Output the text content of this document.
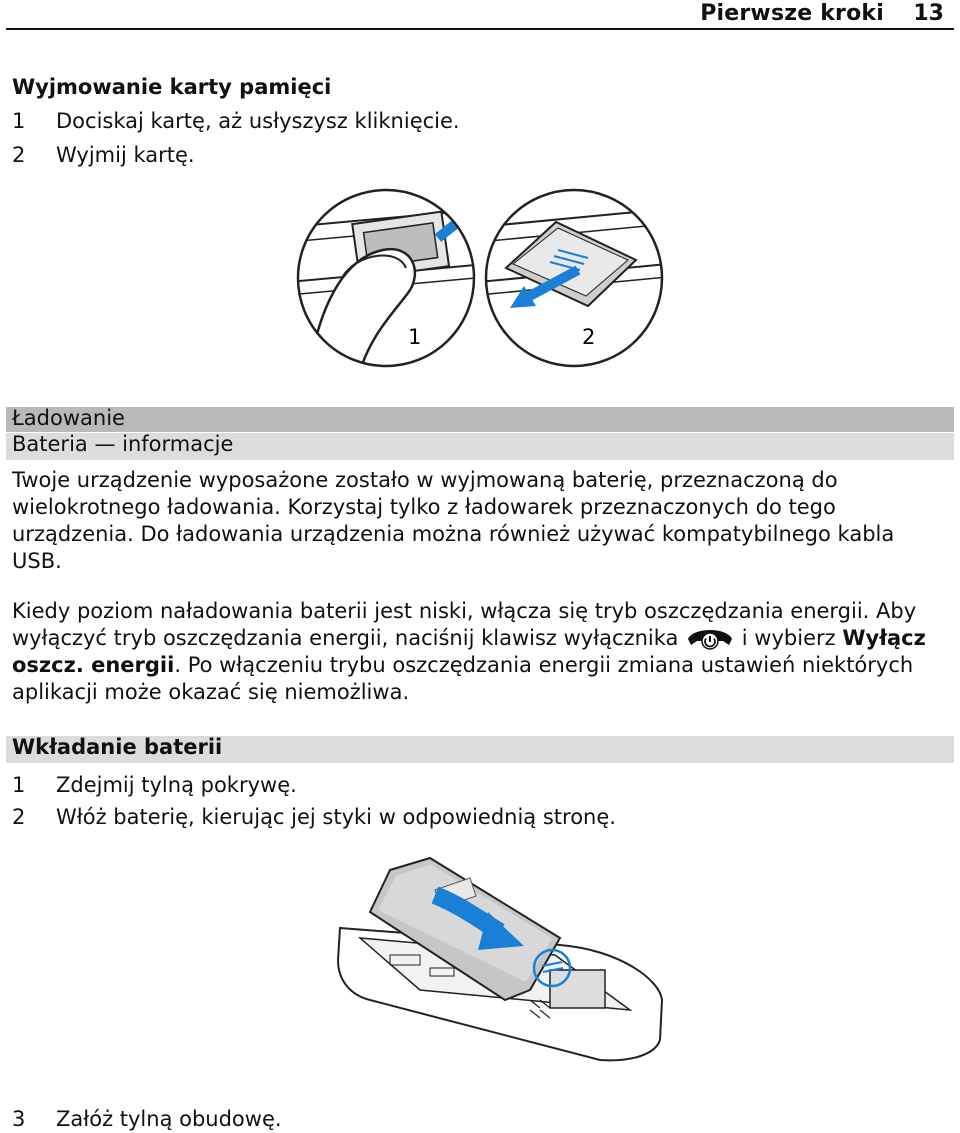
Pierwsze kroki 13
Wyjmowanie karty pamięci
1 Dociskaj kartę, aż usłyszysz kliknięcie.
2 Wyjmij kartę.
1	2
Ładowanie
Bateria — informacje
Twoje urządzenie wyposażone zostało w wyjmowaną baterię, przeznaczoną do
wielokrotnego ładowania. Korzystaj tylko z ładowarek przeznaczonych do tego
urządzenia. Do ładowania urządzenia można również używać kompatybilnego kabla
USB.
Kiedy poziom naładowania baterii jest niski, włącza się tryb oszczędzania energii. Aby
wyłączyć tryb oszczędzania energii, naciśnij klawisz wyłącznika	i wybierz Wyłącz
oszcz. energii. Po włączeniu trybu oszczędzania energii zmiana ustawień niektórych
aplikacji może okazać się niemożliwa.
Wkładanie baterii
1 Zdejmij tylną pokrywę.
2 Włóż baterię, kierując jej styki w odpowiednią stronę.
3 Załóż tylną obudowę.
